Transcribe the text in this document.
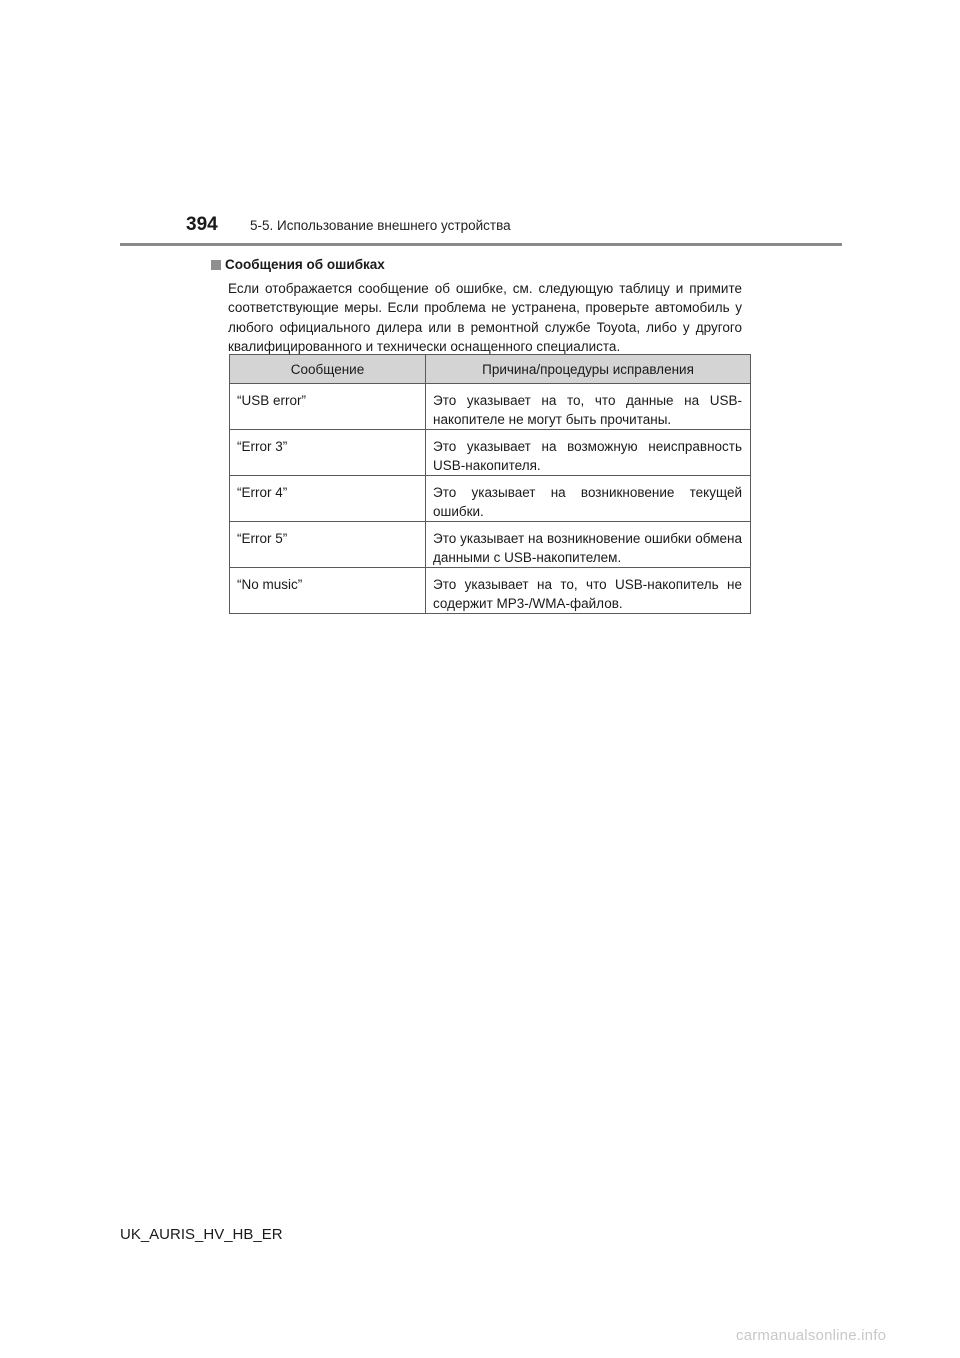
394	5-5. Использование внешнего устройства
Сообщения об ошибках

Если отображается сообщение об ошибке, см. следующую таблицу и примите соответствующие меры. Если проблема не устранена, проверьте автомобиль у любого официального дилера или в ремонтной службе Toyota, либо у другого квалифицированного и технически оснащенного специалиста.

Сообщение	Причина/процедуры исправления
“USB error”	Это указывает на то, что данные на USB-накопителе не могут быть прочитаны.
“Error 3”	Это указывает на возможную неисправность USB-накопителя.
“Error 4”	Это указывает на возникновение текущей ошибки.
“Error 5”	Это указывает на возникновение ошибки обмена данными с USB-накопителем.
“No music”	Это указывает на то, что USB-накопитель не содержит MP3-/WMA-файлов.
UK_AURIS_HV_HB_ER
carmanualsonline.info
